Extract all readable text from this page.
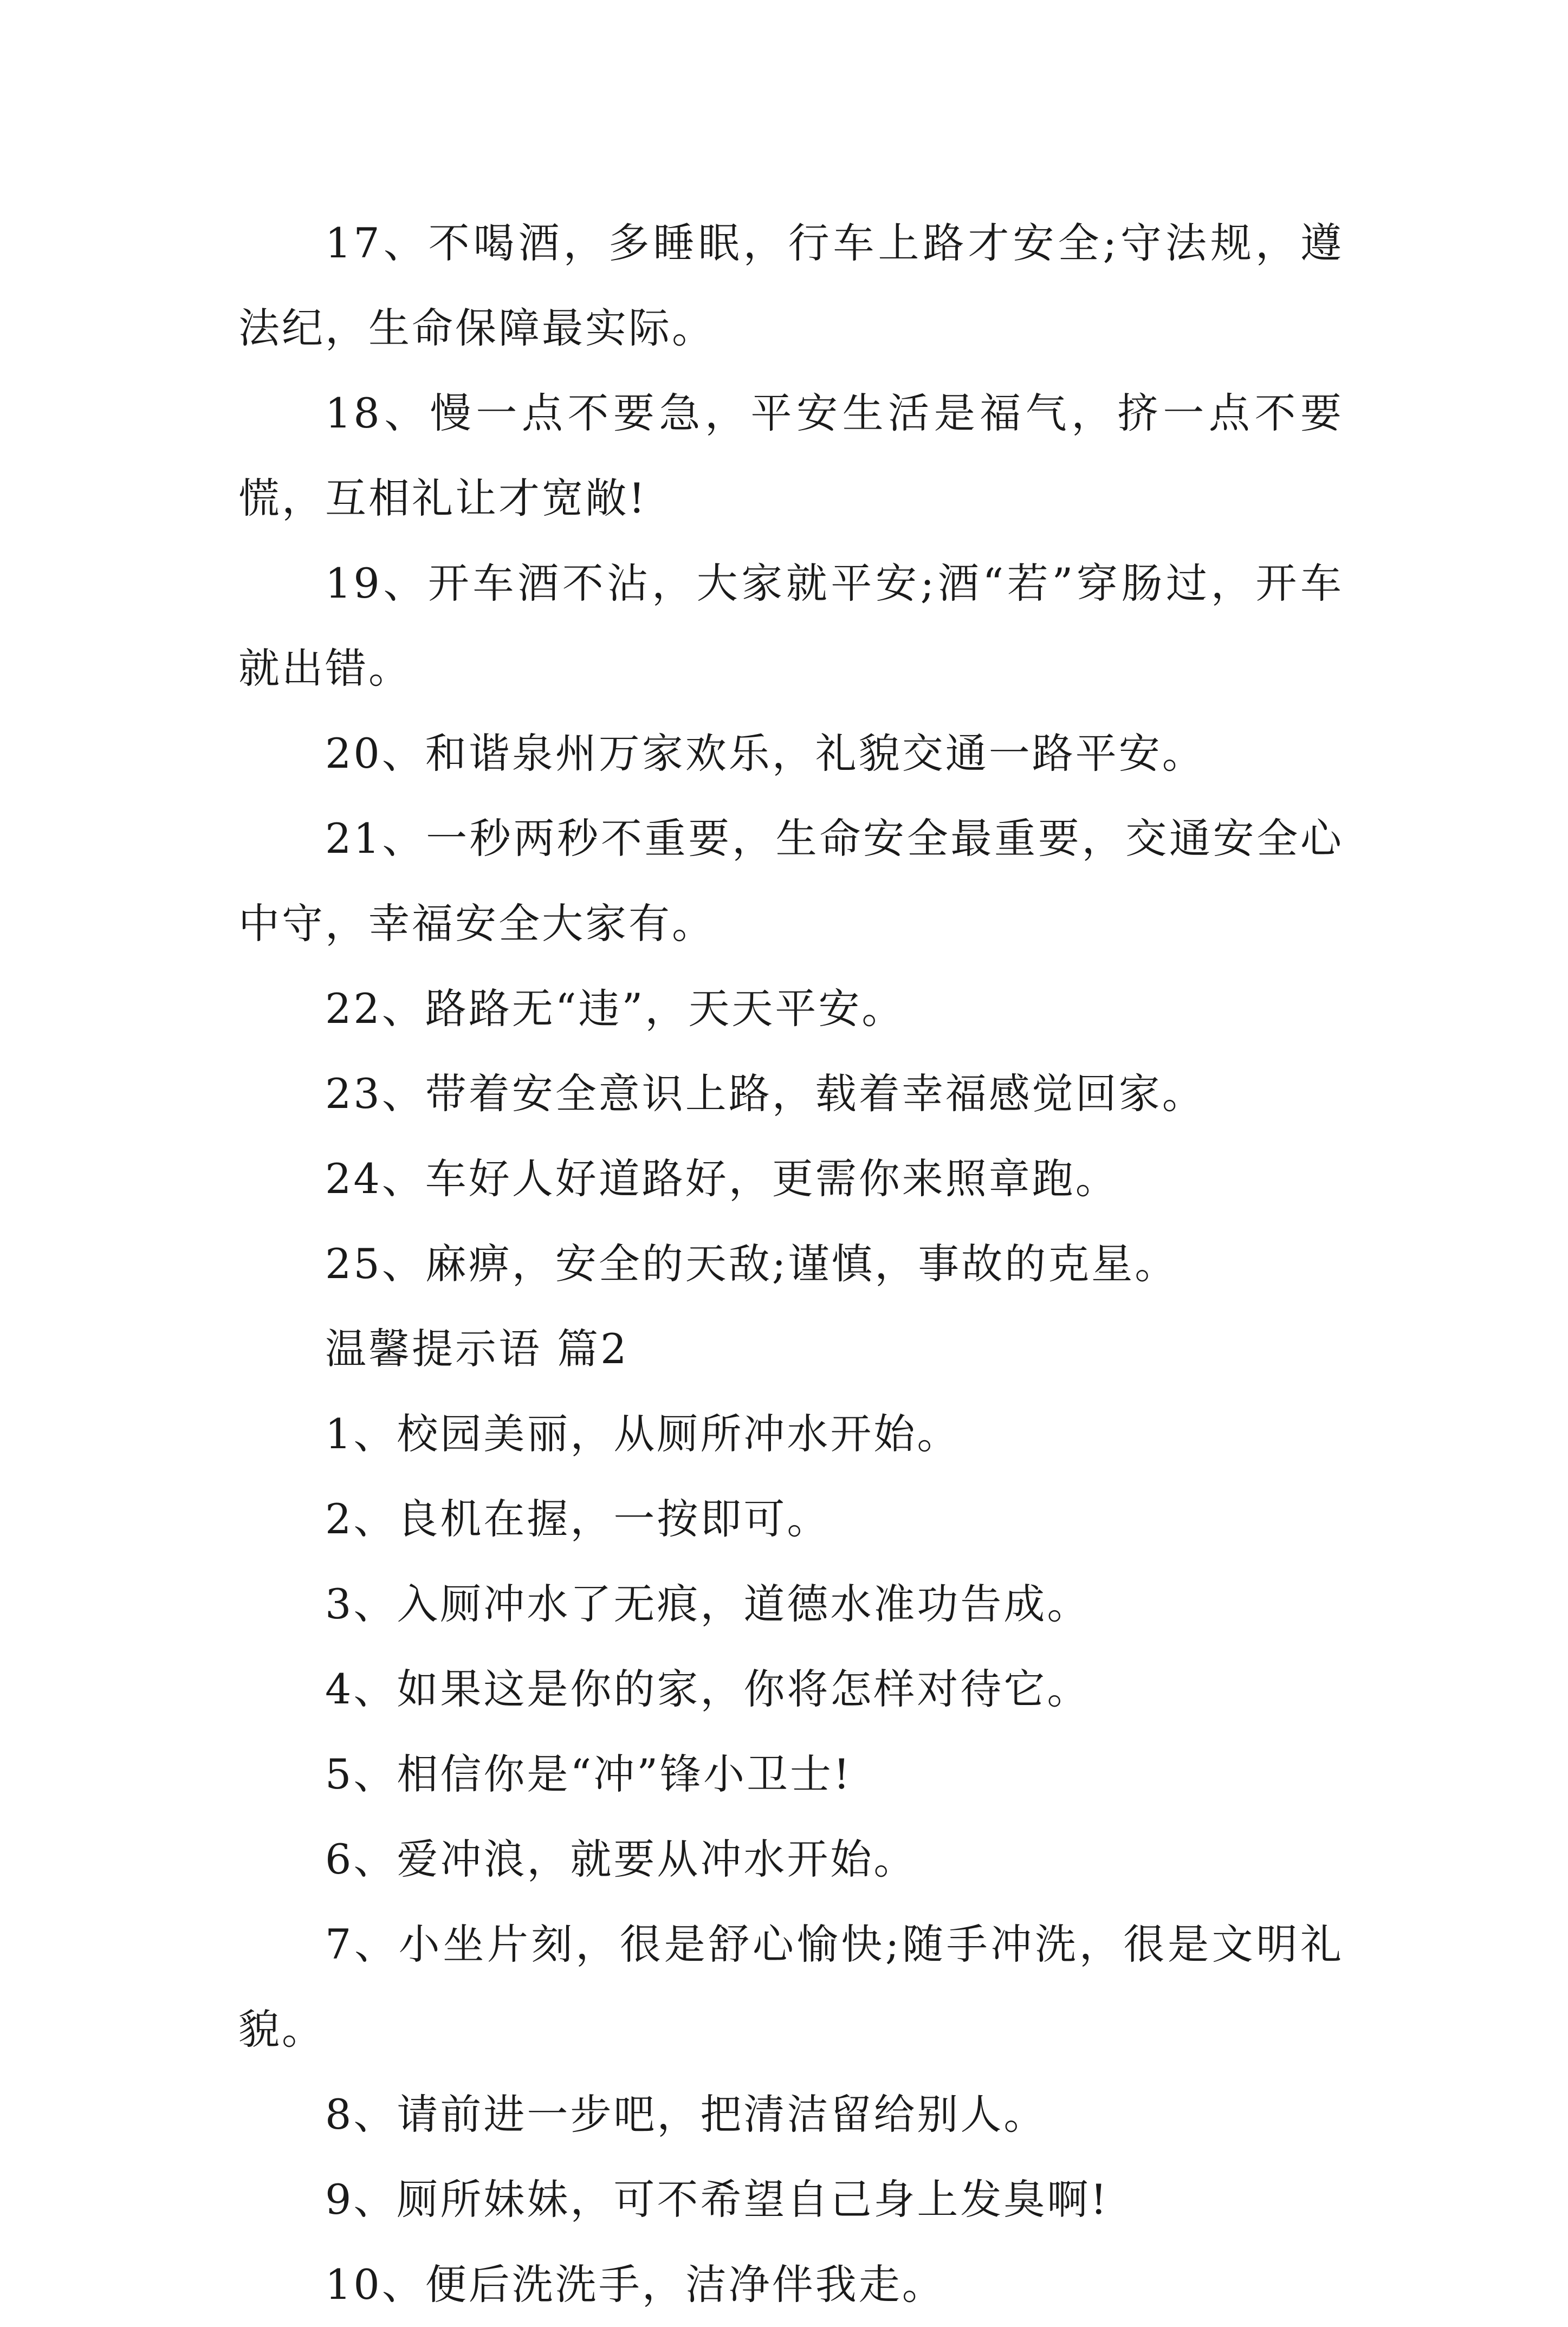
17、不喝酒，多睡眠，行车上路才安全;守法规，遵法纪，生命保障最实际。

18、慢一点不要急，平安生活是福气，挤一点不要慌，互相礼让才宽敞!

19、开车酒不沾，大家就平安;酒“若”穿肠过，开车就出错。

20、和谐泉州万家欢乐，礼貌交通一路平安。

21、一秒两秒不重要，生命安全最重要，交通安全心中守，幸福安全大家有。

22、路路无“违”，天天平安。

23、带着安全意识上路，载着幸福感觉回家。

24、车好人好道路好，更需你来照章跑。

25、麻痹，安全的天敌;谨慎，事故的克星。

温馨提示语 篇2

1、校园美丽，从厕所冲水开始。

2、良机在握，一按即可。

3、入厕冲水了无痕，道德水准功告成。

4、如果这是你的家，你将怎样对待它。

5、相信你是“冲”锋小卫士!

6、爱冲浪，就要从冲水开始。

7、小坐片刻，很是舒心愉快;随手冲洗，很是文明礼貌。

8、请前进一步吧，把清洁留给别人。

9、厕所妹妹，可不希望自己身上发臭啊!

10、便后洗洗手，洁净伴我走。
